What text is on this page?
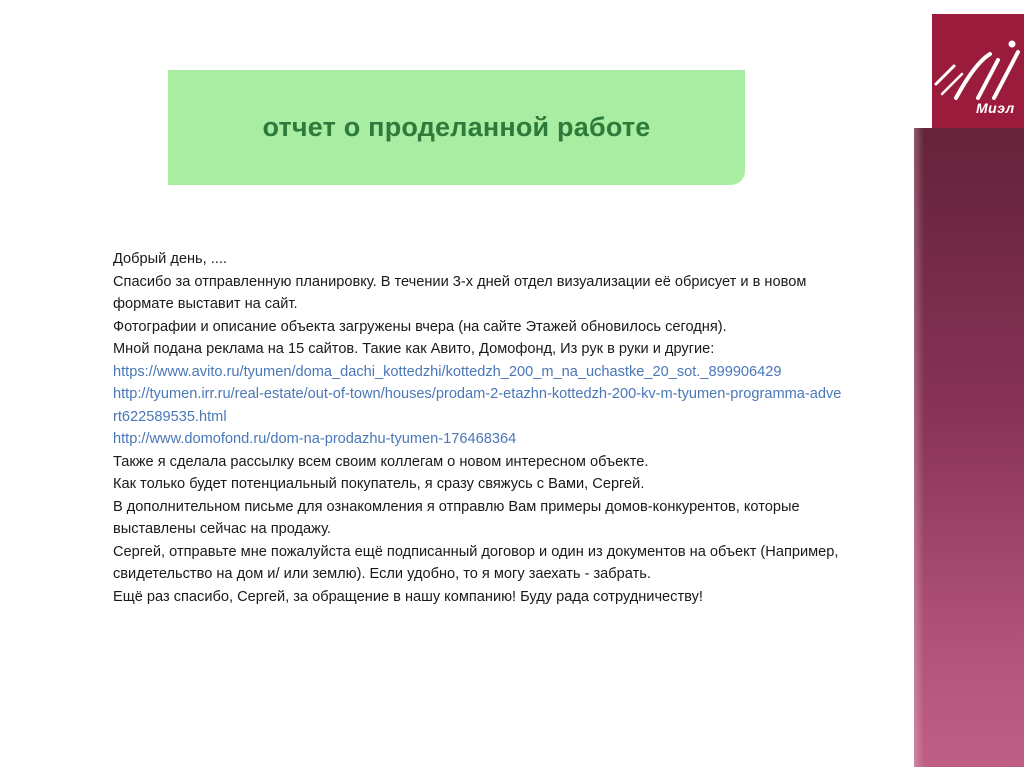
Миэл
отчет о проделанной работе

Добрый день, ....

Спасибо за отправленную планировку. В течении 3-х дней отдел визуализации её обрисует и в новом

формате выставит на сайт.

Фотографии и описание объекта загружены вчера (на сайте Этажей обновилось сегодня).

Мной подана реклама на 15 сайтов. Такие как Авито, Домофонд, Из рук в руки и другие:

https://www.avito.ru/tyumen/doma_dachi_kottedzhi/kottedzh_200_m_na_uchastke_20_sot._899906429

http://tyumen.irr.ru/real-estate/out-of-town/houses/prodam-2-etazhn-kottedzh-200-kv-m-tyumen-programma-adve

rt622589535.html

http://www.domofond.ru/dom-na-prodazhu-tyumen-176468364

Также я сделала рассылку всем своим коллегам о новом интересном объекте.

Как только будет потенциальный покупатель, я сразу свяжусь с Вами, Сергей.

В дополнительном письме для ознакомления я отправлю Вам примеры домов-конкурентов, которые

выставлены сейчас на продажу.

Сергей, отправьте мне пожалуйста ещё подписанный договор и один из документов на объект (Например,

свидетельство на дом и/ или землю). Если удобно, то я могу заехать - забрать.

Ещё раз спасибо, Сергей, за обращение в нашу компанию! Буду рада сотрудничеству!
